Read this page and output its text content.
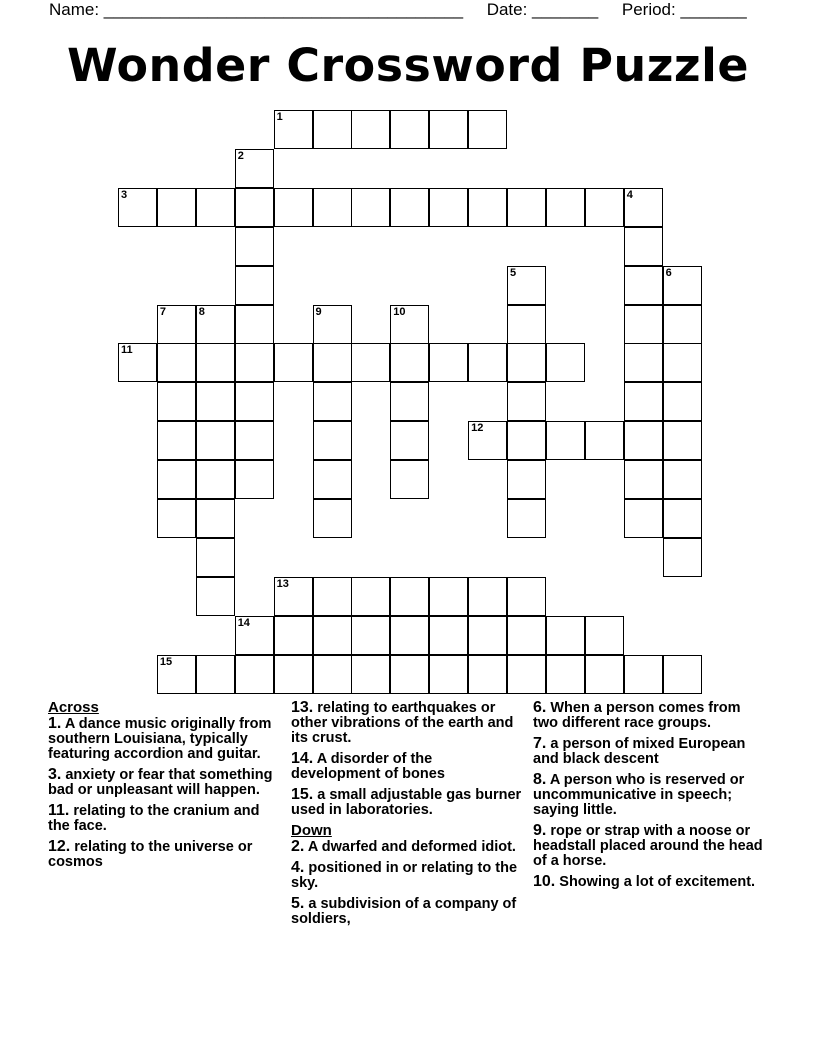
Name: ______________________________________ Date: _______ Period: _______
Wonder Crossword Puzzle
1
2
3	4
5	6
7	8	9	10
11
12
13
14
15
Across
1. A dance music originally from southern Louisiana, typically featuring accordion and guitar.
3. anxiety or fear that something bad or unpleasant will happen.
11. relating to the cranium and the face.
12. relating to the universe or cosmos
13. relating to earthquakes or other vibrations of the earth and its crust.
14. A disorder of the development of bones
15. a small adjustable gas burner used in laboratories.
Down
2. A dwarfed and deformed idiot.
4. positioned in or relating to the sky.
5. a subdivision of a company of soldiers,
6. When a person comes from two different race groups.
7. a person of mixed European and black descent
8. A person who is reserved or uncommunicative in speech; saying little.
9. rope or strap with a noose or headstall placed around the head of a horse.
10. Showing a lot of excitement.
